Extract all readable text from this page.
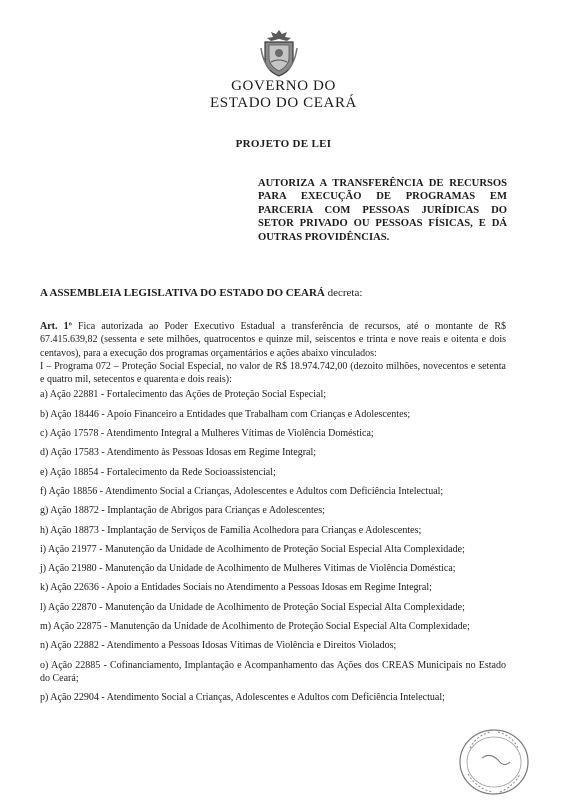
GOVERNO DO
ESTADO DO CEARÁ
PROJETO DE LEI
AUTORIZA A TRANSFERÊNCIA DE RECURSOS PARA EXECUÇÃO DE PROGRAMAS EM PARCERIA COM PESSOAS JURÍDICAS DO SETOR PRIVADO OU PESSOAS FÍSICAS, E DÁ OUTRAS PROVIDÊNCIAS.
A ASSEMBLEIA LEGISLATIVA DO ESTADO DO CEARÁ decreta:

Art. 1º Fica autorizada ao Poder Executivo Estadual a transferência de recursos, até o montante de R$ 67.415.639,82 (sessenta e sete milhões, quatrocentos e quinze mil, seiscentos e trinta e nove reais e oitenta e dois centavos), para a execução dos programas orçamentários e ações abaixo vinculados:

I – Programa 072 – Proteção Social Especial, no valor de R$ 18.974.742,00 (dezoito milhões, novecentos e setenta e quatro mil, setecentos e quarenta e dois reais):

a) Ação 22881 - Fortalecimento das Ações de Proteção Social Especial;

b) Ação 18446 - Apoio Financeiro a Entidades que Trabalham com Crianças e Adolescentes;

c) Ação 17578 - Atendimento Integral a Mulheres Vítimas de Violência Doméstica;

d) Ação 17583 - Atendimento às Pessoas Idosas em Regime Integral;

e) Ação 18854 - Fortalecimento da Rede Socioassistencial;

f) Ação 18856 - Atendimento Social a Crianças, Adolescentes e Adultos com Deficiência Intelectual;

g) Ação 18872 - Implantação de Abrigos para Crianças e Adolescentes;

h) Ação 18873 - Implantação de Serviços de Família Acolhedora para Crianças e Adolescentes;

i) Ação 21977 - Manutenção da Unidade de Acolhimento de Proteção Social Especial Alta Complexidade;

j) Ação 21980 - Manutenção da Unidade de Acolhimento de Mulheres Vítimas de Violência Doméstica;

k) Ação 22636 - Apoio a Entidades Sociais no Atendimento a Pessoas Idosas em Regime Integral;

l) Ação 22870 - Manutenção da Unidade de Acolhimento de Proteção Social Especial Alta Complexidade;

m) Ação 22875 - Manutenção da Unidade de Acolhimento de Proteção Social Especial Alta Complexidade;

n) Ação 22882 - Atendimento a Pessoas Idosas Vítimas de Violência e Direitos Violados;

o) Ação 22885 - Cofinanciamento, Implantação e Acompanhamento das Ações dos CREAS Municipais no Estado do Ceará;

p) Ação 22904 - Atendimento Social a Crianças, Adolescentes e Adultos com Deficiência Intelectual;
